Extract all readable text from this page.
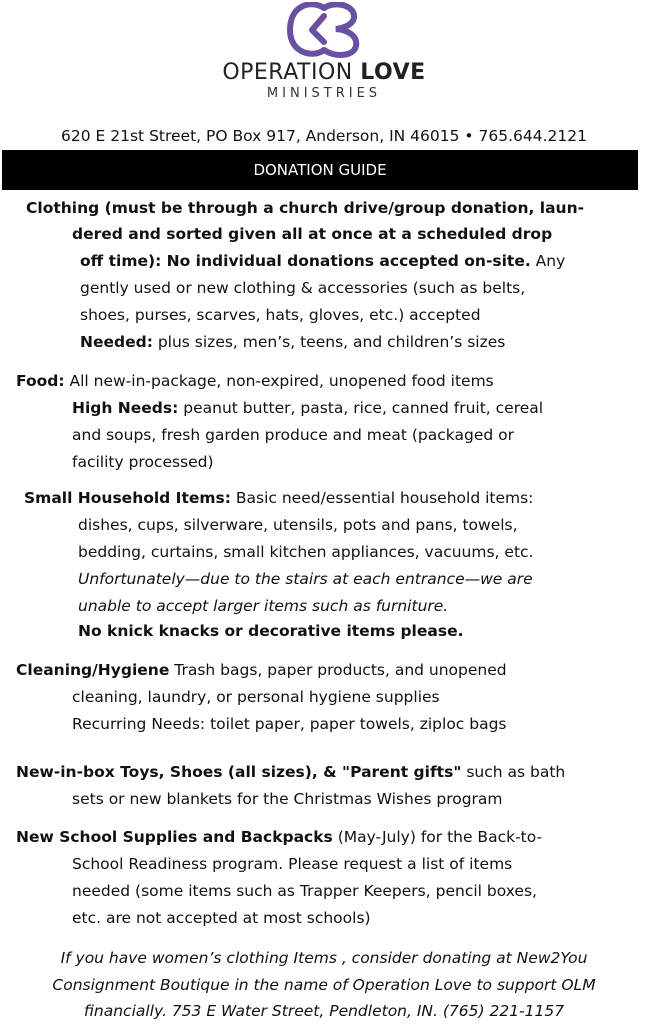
OPERATION LOVE
MINISTRIES
620 E 21st Street, PO Box 917, Anderson, IN 46015 • 765.644.2121
DONATION GUIDE
Clothing (must be through a church drive/group donation, laun-
dered and sorted given all at once at a scheduled drop
off time): No individual donations accepted on-site. Any
gently used or new clothing & accessories (such as belts,
shoes, purses, scarves, hats, gloves, etc.) accepted
Needed: plus sizes, men’s, teens, and children’s sizes
Food: All new-in-package, non-expired, unopened food items
High Needs: peanut butter, pasta, rice, canned fruit, cereal
and soups, fresh garden produce and meat (packaged or
facility processed)
Small Household Items: Basic need/essential household items:
dishes, cups, silverware, utensils, pots and pans, towels,
bedding, curtains, small kitchen appliances, vacuums, etc.
Unfortunately—due to the stairs at each entrance—we are
unable to accept larger items such as furniture.
No knick knacks or decorative items please.
Cleaning/Hygiene Trash bags, paper products, and unopened
cleaning, laundry, or personal hygiene supplies
Recurring Needs: toilet paper, paper towels, ziploc bags
New-in-box Toys, Shoes (all sizes), & "Parent gifts" such as bath
sets or new blankets for the Christmas Wishes program
New School Supplies and Backpacks (May-July) for the Back-to-
School Readiness program. Please request a list of items
needed (some items such as Trapper Keepers, pencil boxes,
etc. are not accepted at most schools)
If you have women’s clothing Items , consider donating at New2You
Consignment Boutique in the name of Operation Love to support OLM
financially. 753 E Water Street, Pendleton, IN. (765) 221-1157
